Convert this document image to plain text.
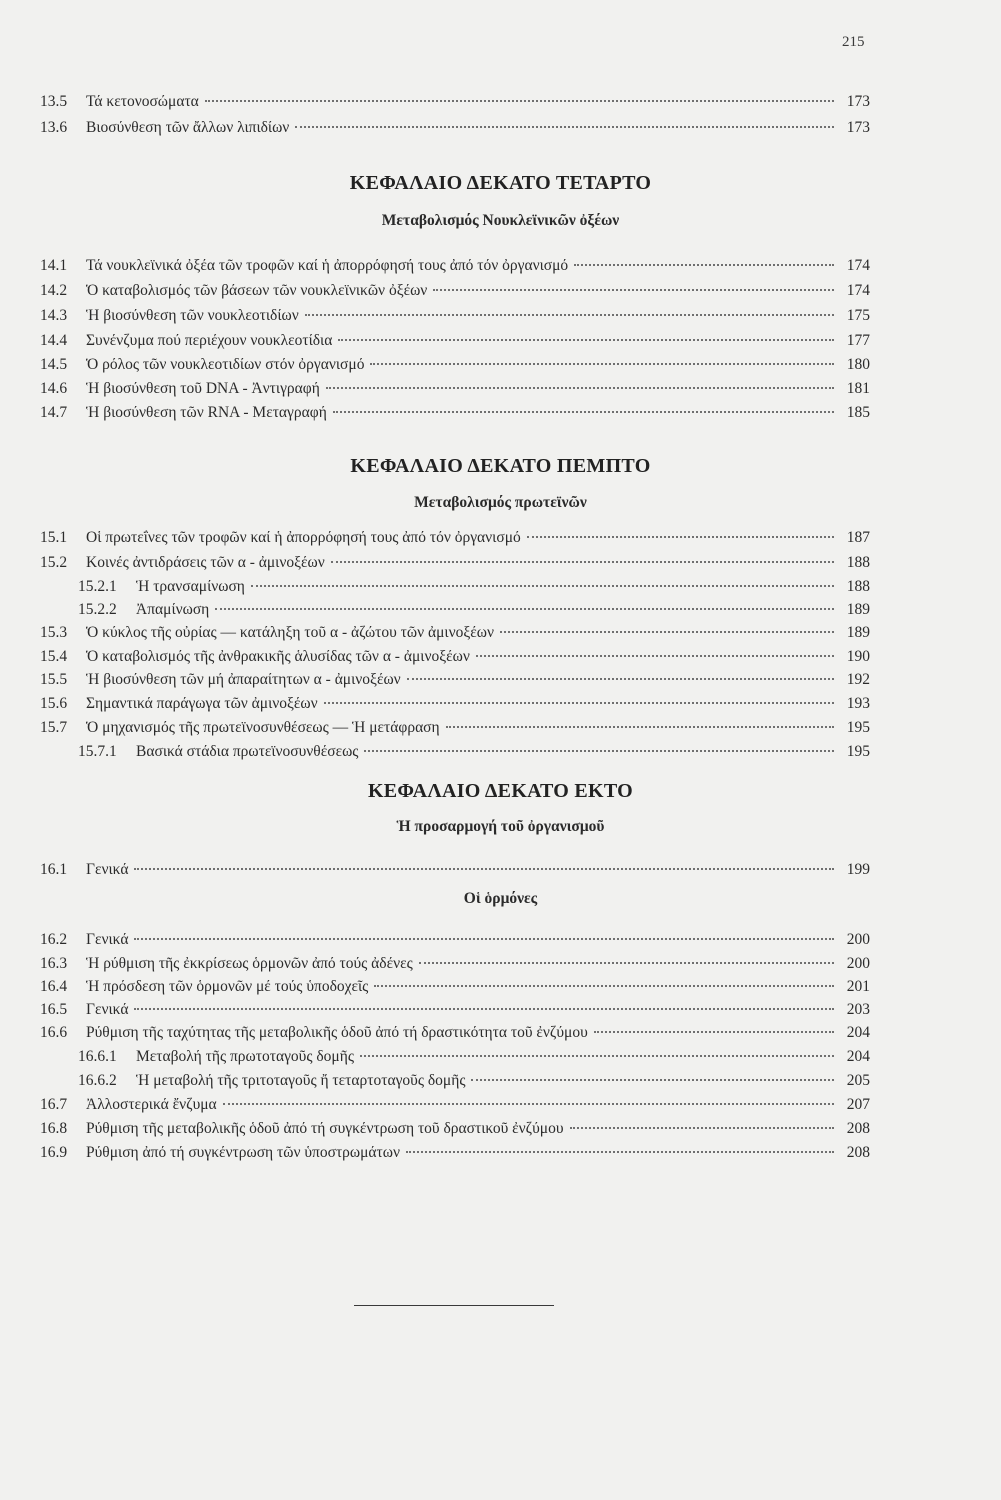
215
13.5	Τά κετονοσώματα	173
13.6	Βιοσύνθεση τῶν ἄλλων λιπιδίων	173
ΚΕΦΑΛΑΙΟ ΔΕΚΑΤΟ ΤΕΤΑΡΤΟ
Μεταβολισμός Νουκλεϊνικῶν ὀξέων
14.1	Τά νουκλεϊνικά ὀξέα τῶν τροφῶν καί ἡ ἀπορρόφησή τους ἀπό τόν ὀργανισμό	174
14.2	Ὁ καταβολισμός τῶν βάσεων τῶν νουκλεϊνικῶν ὀξέων	174
14.3	Ἡ βιοσύνθεση τῶν νουκλεοτιδίων	175
14.4	Συνένζυμα πού περιέχουν νουκλεοτίδια	177
14.5	Ὁ ρόλος τῶν νουκλεοτιδίων στόν ὀργανισμό	180
14.6	Ἡ βιοσύνθεση τοῦ DNA - Ἀντιγραφή	181
14.7	Ἡ βιοσύνθεση τῶν RNA - Μεταγραφή	185
ΚΕΦΑΛΑΙΟ ΔΕΚΑΤΟ ΠΕΜΠΤΟ
Μεταβολισμός πρωτεϊνῶν
15.1	Οἱ πρωτεΐνες τῶν τροφῶν καί ἡ ἀπορρόφησή τους ἀπό τόν ὀργανισμό	187
15.2	Κοινές ἀντιδράσεις τῶν α - ἀμινοξέων	188
15.2.1	Ἡ τρανσαμίνωση	188
15.2.2	Ἀπαμίνωση	189
15.3	Ὁ κύκλος τῆς οὐρίας — κατάληξη τοῦ α - ἀζώτου τῶν ἀμινοξέων	189
15.4	Ὁ καταβολισμός τῆς ἀνθρακικῆς ἁλυσίδας τῶν α - ἀμινοξέων	190
15.5	Ἡ βιοσύνθεση τῶν μή ἀπαραίτητων α - ἀμινοξέων	192
15.6	Σημαντικά παράγωγα τῶν ἀμινοξέων	193
15.7	Ὁ μηχανισμός τῆς πρωτεϊνοσυνθέσεως — Ἡ μετάφραση	195
15.7.1	Βασικά στάδια πρωτεϊνοσυνθέσεως	195
ΚΕΦΑΛΑΙΟ ΔΕΚΑΤΟ ΕΚΤΟ
Ἡ προσαρμογή τοῦ ὀργανισμοῦ
16.1	Γενικά	199
Οἱ ὁρμόνες
16.2	Γενικά	200
16.3	Ἡ ρύθμιση τῆς ἐκκρίσεως ὁρμονῶν ἀπό τούς ἀδένες	200
16.4	Ἡ πρόσδεση τῶν ὁρμονῶν μέ τούς ὑποδοχεῖς	201
16.5	Γενικά	203
16.6	Ρύθμιση τῆς ταχύτητας τῆς μεταβολικῆς ὁδοῦ ἀπό τή δραστικότητα τοῦ ἐνζύμου	204
16.6.1	Μεταβολή τῆς πρωτοταγοῦς δομῆς	204
16.6.2	Ἡ μεταβολή τῆς τριτοταγοῦς ἤ τεταρτοταγοῦς δομῆς	205
16.7	Ἀλλοστερικά ἔνζυμα	207
16.8	Ρύθμιση τῆς μεταβολικῆς ὁδοῦ ἀπό τή συγκέντρωση τοῦ δραστικοῦ ἐνζύμου	208
16.9	Ρύθμιση ἀπό τή συγκέντρωση τῶν ὑποστρωμάτων	208
